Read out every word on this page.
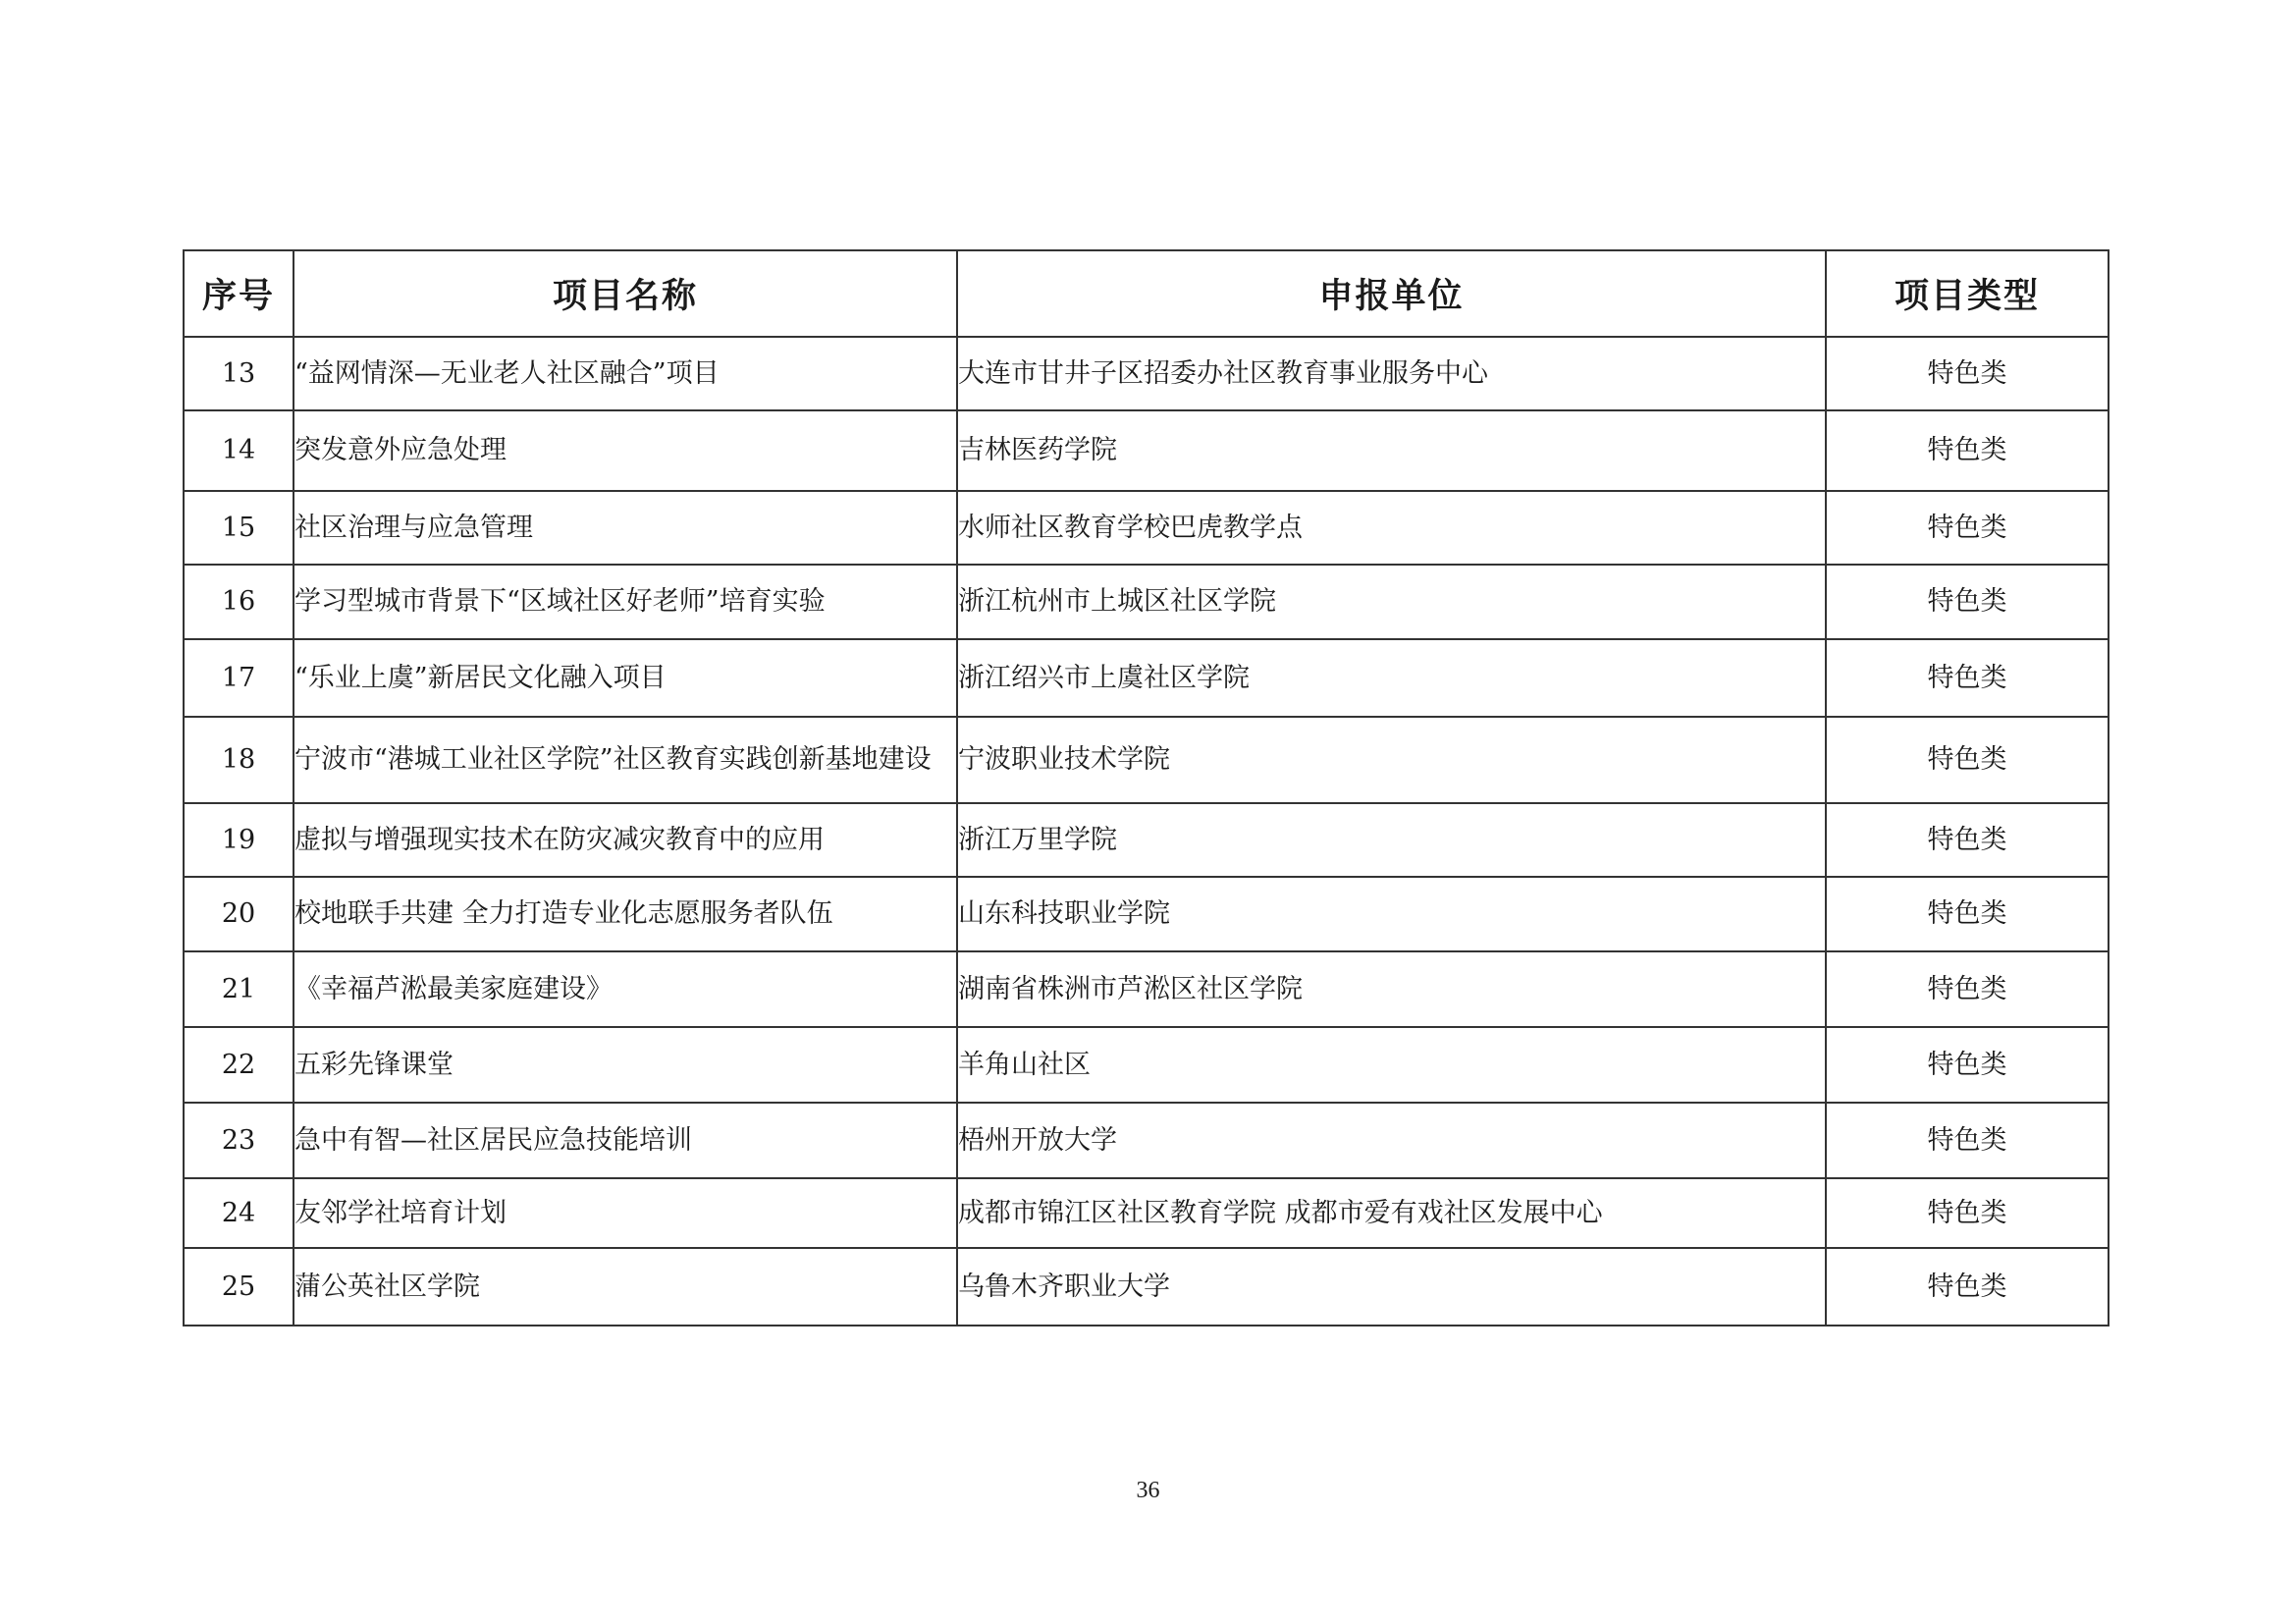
序号	项目名称	申报单位	项目类型
13	“益网情深—无业老人社区融合”项目	大连市甘井子区招委办社区教育事业服务中心	特色类
14	突发意外应急处理	吉林医药学院	特色类
15	社区治理与应急管理	水师社区教育学校巴虎教学点	特色类
16	学习型城市背景下“区域社区好老师”培育实验	浙江杭州市上城区社区学院	特色类
17	“乐业上虞”新居民文化融入项目	浙江绍兴市上虞社区学院	特色类
18	宁波市“港城工业社区学院”社区教育实践创新基地建设	宁波职业技术学院	特色类
19	虚拟与增强现实技术在防灾减灾教育中的应用	浙江万里学院	特色类
20	校地联手共建 全力打造专业化志愿服务者队伍	山东科技职业学院	特色类
21	《幸福芦淞最美家庭建设》	湖南省株洲市芦淞区社区学院	特色类
22	五彩先锋课堂	羊角山社区	特色类
23	急中有智—社区居民应急技能培训	梧州开放大学	特色类
24	友邻学社培育计划	成都市锦江区社区教育学院 成都市爱有戏社区发展中心	特色类
25	蒲公英社区学院	乌鲁木齐职业大学	特色类
36
